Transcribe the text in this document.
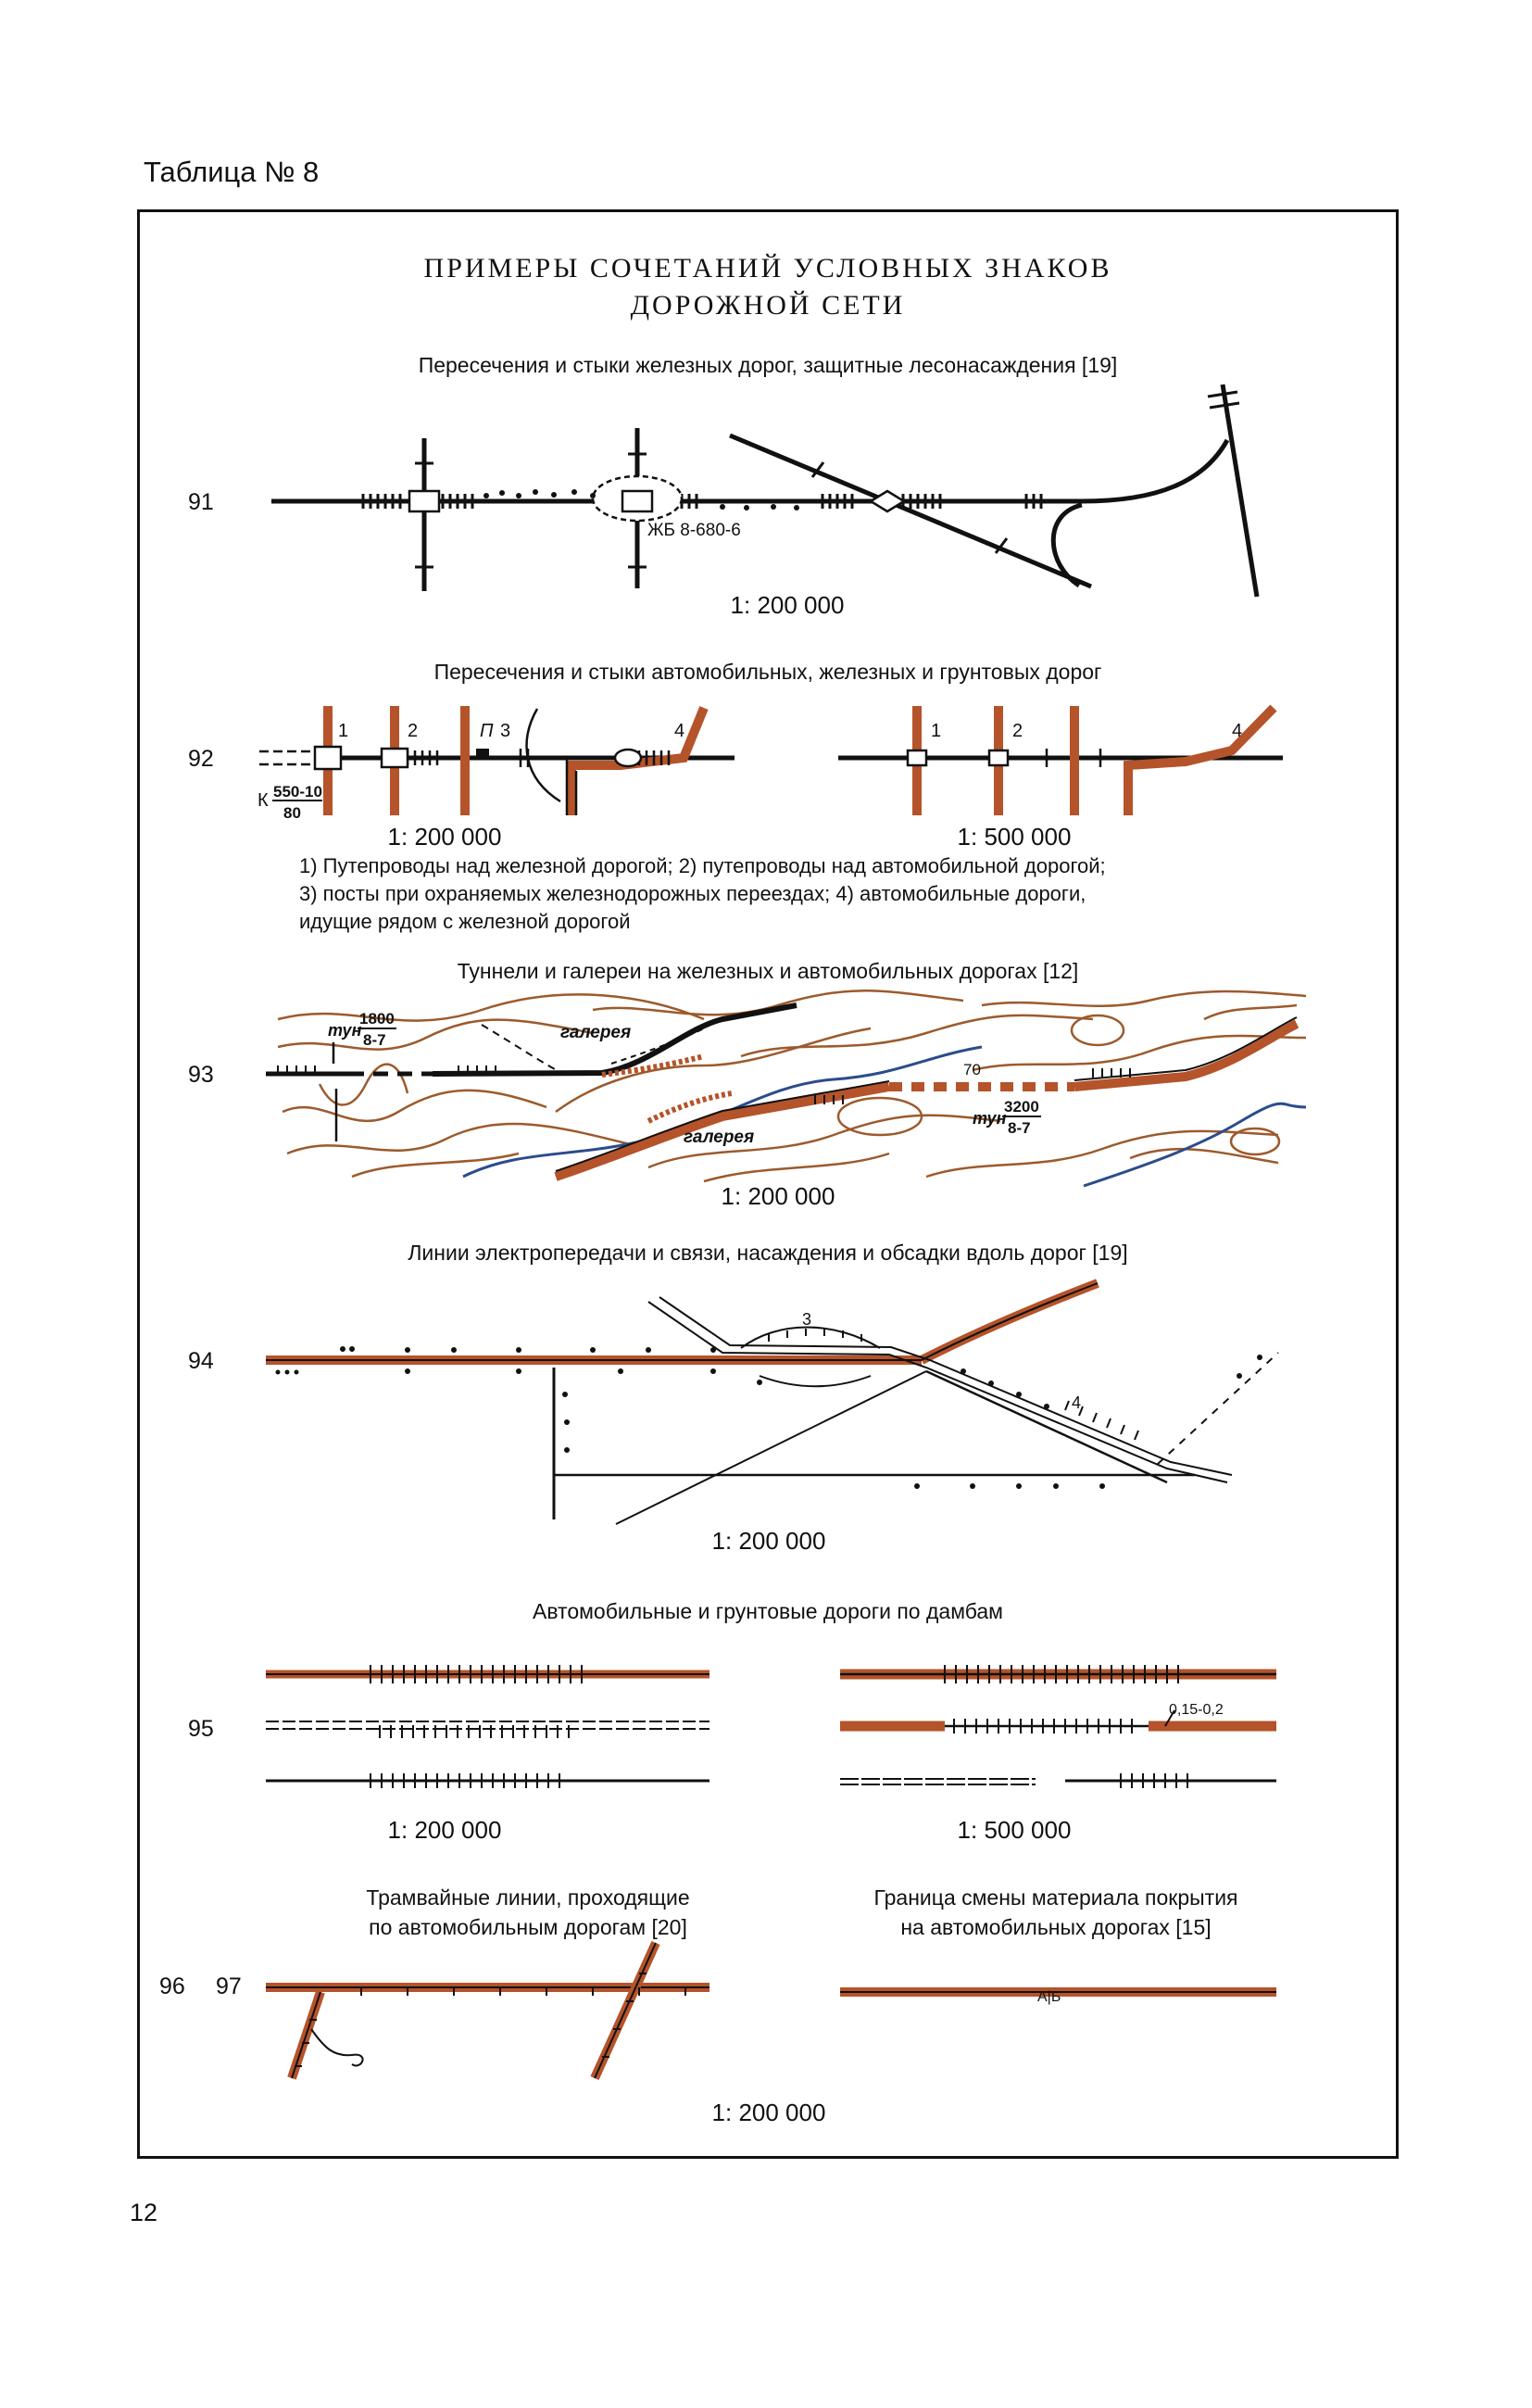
Таблица № 8
ПРИМЕРЫ СОЧЕТАНИЙ УСЛОВНЫХ ЗНАКОВ
ДОРОЖНОЙ СЕТИ
Пересечения и стыки железных дорог, защитные лесонасаждения [19]
91
ЖБ 8-680-6
1: 200 000
Пересечения и стыки автомобильных, железных и грунтовых дорог
92
1	2	П 3	4
К 550-10
80
1	2	4
1: 200 000	1: 500 000
1) Путепроводы над железной дорогой; 2) путепроводы над автомобильной дорогой;
3) посты при охраняемых железнодорожных переездах; 4) автомобильные дороги,
идущие рядом с железной дорогой
Туннели и галереи на железных и автомобильных дорогах [12]
93
тун
1800
8-7	галерея
галерея
70
тун
3200
8-7
1: 200 000
Линии электропередачи и связи, насаждения и обсадки вдоль дорог [19]
94
3
4
1: 200 000
Автомобильные и грунтовые дороги по дамбам
95
0,15-0,2
1: 200 000	1: 500 000
Трамвайные линии, проходящие
по автомобильным дорогам [20]
Граница смены материала покрытия
на автомобильных дорогах [15]
96 97	А|Б
1: 200 000
12
